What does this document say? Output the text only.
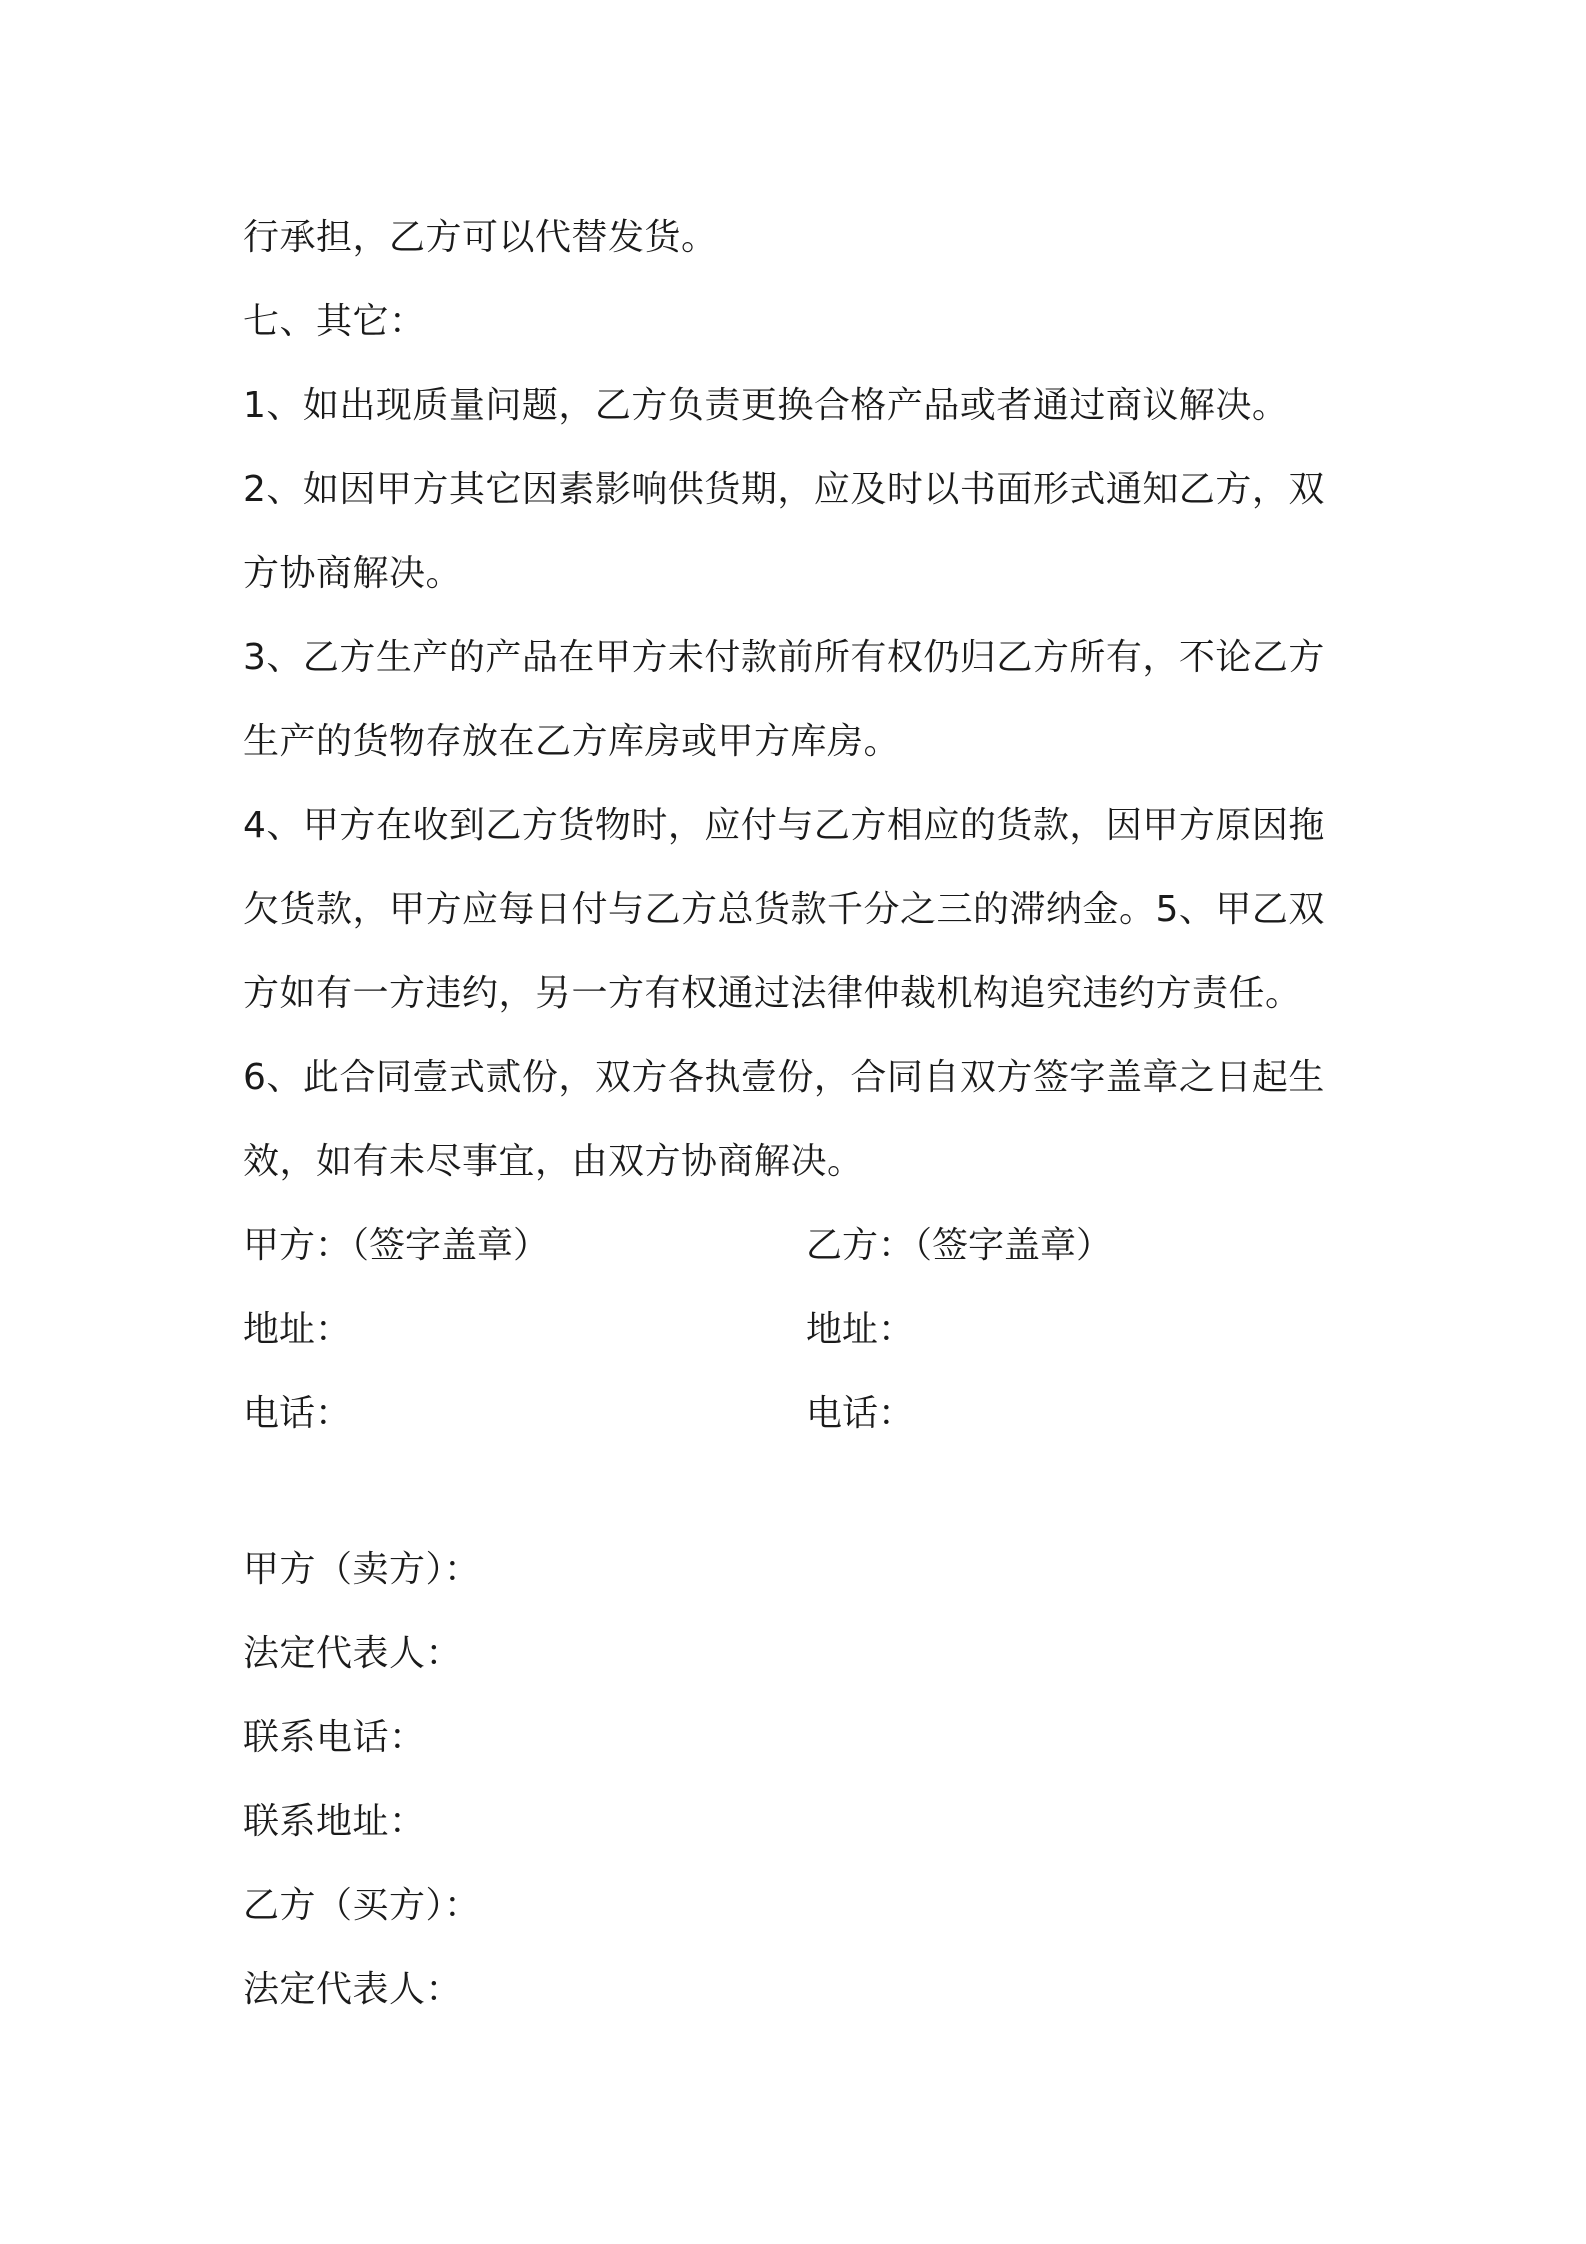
行承担，乙方可以代替发货。
七、其它：
1、如出现质量问题，乙方负责更换合格产品或者通过商议解决。
2、如因甲方其它因素影响供货期，应及时以书面形式通知乙方，双
方协商解决。
3、乙方生产的产品在甲方未付款前所有权仍归乙方所有，不论乙方
生产的货物存放在乙方库房或甲方库房。
4、甲方在收到乙方货物时，应付与乙方相应的货款，因甲方原因拖
欠货款，甲方应每日付与乙方总货款千分之三的滞纳金。5、甲乙双
方如有一方违约，另一方有权通过法律仲裁机构追究违约方责任。
6、此合同壹式贰份，双方各执壹份，合同自双方签字盖章之日起生
效，如有未尽事宜，由双方协商解决。
甲方：（签字盖章）	乙方：（签字盖章）
地址：	地址：
电话：	电话：
甲方（卖方）：
法定代表人：
联系电话：
联系地址：
乙方（买方）：
法定代表人：
